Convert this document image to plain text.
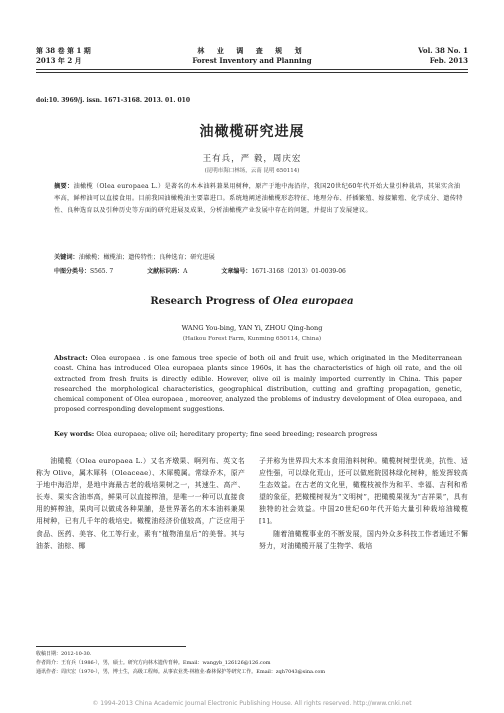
第 38 卷 第 1 期
2013 年 2 月
林 业 调 查 规 划
Forest Inventory and Planning
Vol. 38 No. 1
Feb. 2013
doi:10. 3969/j. issn. 1671-3168. 2013. 01. 010
油橄榄研究进展
王有兵，严 毅，周庆宏
(昆明市海口林场，云南 昆明 650114)
摘要：油橄榄（Olea europaea L.）是著名的木本油料兼果用树种，原产于地中海沿岸，我国20世纪60年代开始大量引种栽培，其果实含油率高，鲜榨油可以直接食用。目前我国油橄榄油主要靠进口。系统地阐述油橄榄形态特征、地理分布、扦插繁殖、嫁接繁殖、化学成分、遗传特性、良种选育以及引种历史等方面的研究进展及成果，分析油橄榄产业发展中存在的问题，并提出了发展建议。
关键词：油橄榄；橄榄油；遗传特性；良种选育；研究进展
中图分类号：S565. 7	文献标识码：A	文章编号：1671-3168（2013）01-0039-06
Research Progress of Olea europaea
WANG You-bing, YAN Yi, ZHOU Qing-hong
(Haikou Forest Farm, Kunming 650114, China)
Abstract: Olea europaea . is one famous tree specie of both oil and fruit use, which originated in the Mediterranean coast. China has introduced Olea europaea plants since 1960s, it has the characteristics of high oil rate, and the oil extracted from fresh fruits is directly edible. However, olive oil is mainly imported currently in China. This paper researched the morphological characteristics, geographical distribution, cutting and grafting propagation, genetic, chemical component of Olea europaea , moreover, analyzed the problems of industry development of Olea europaea, and proposed corresponding development suggestions.
Key words: Olea europaea; olive oil; hereditary property; fine seed breeding; research progress
油橄榄（Olea europaea L.）又名齐墩果、啊列布、英文名称为 Olive，属木犀科（Oleaceae）、木犀榄属。常绿乔木，原产于地中海沿岸，是地中海最古老的栽培果树之一，其速生、高产、长寿、果实含油率高，鲜果可以直接榨油，是唯一一种可以直接食用的鲜榨油，果肉可以做成各种果脯，是世界著名的木本油料兼果用树种，已有几千年的栽培史。橄榄油经济价值较高，广泛应用于食品、医药、美容、化工等行业，素有“植物油皇后”的美誉。其与油茶、油棕、椰
子并称为世界四大木本食用油料树种。橄榄树树型优美，抗性、适应性强，可以绿化荒山，还可以做庭院园林绿化树种，能发挥较高生态效益。在古老的文化里，橄榄枝被作为和平、幸福、吉利和希望的象征，把橄榄树视为“文明树”，把橄榄果视为“吉祥果”，具有独特的社会效益。中国20世纪60年代开始大量引种栽培油橄榄[1]。
随着油橄榄事业的不断发展，国内外众多科技工作者通过不懈努力，对油橄榄开展了生物学、栽培
收稿日期：2012-10-30.
作者简介：王有兵（1986-），男，硕士。研究方向林木遗传育种。Email：wangyb_126126@126.com
通讯作者：周庆宏（1970-），男，博士生，高级工程师。从事农业类-林植业-森林保护等研究工作。Email：zqh7043@sina.com
© 1994-2013 China Academic Journal Electronic Publishing House. All rights reserved. http://www.cnki.net
